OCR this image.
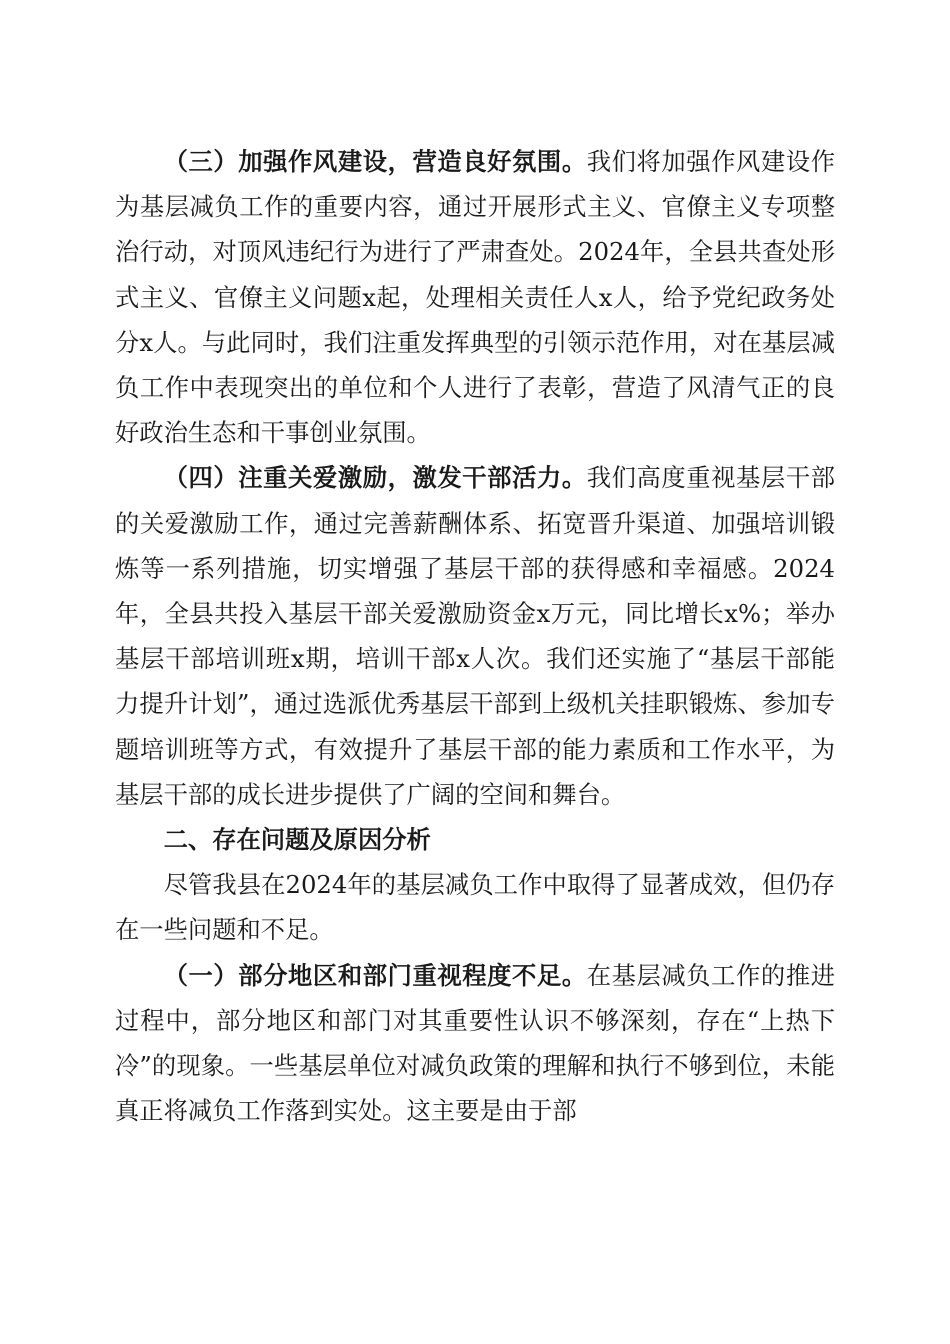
（三）加强作风建设，营造良好氛围。我们将加强作风建设作为基层减负工作的重要内容，通过开展形式主义、官僚主义专项整治行动，对顶风违纪行为进行了严肃查处。2024年，全县共查处形式主义、官僚主义问题x起，处理相关责任人x人，给予党纪政务处分x人。与此同时，我们注重发挥典型的引领示范作用，对在基层减负工作中表现突出的单位和个人进行了表彰，营造了风清气正的良好政治生态和干事创业氛围。

（四）注重关爱激励，激发干部活力。我们高度重视基层干部的关爱激励工作，通过完善薪酬体系、拓宽晋升渠道、加强培训锻炼等一系列措施，切实增强了基层干部的获得感和幸福感。2024年，全县共投入基层干部关爱激励资金x万元，同比增长x%；举办基层干部培训班x期，培训干部x人次。我们还实施了“基层干部能力提升计划”，通过选派优秀基层干部到上级机关挂职锻炼、参加专题培训班等方式，有效提升了基层干部的能力素质和工作水平，为基层干部的成长进步提供了广阔的空间和舞台。

二、存在问题及原因分析

尽管我县在2024年的基层减负工作中取得了显著成效，但仍存在一些问题和不足。

（一）部分地区和部门重视程度不足。在基层减负工作的推进过程中，部分地区和部门对其重要性认识不够深刻，存在“上热下冷”的现象。一些基层单位对减负政策的理解和执行不够到位，未能真正将减负工作落到实处。这主要是由于部
